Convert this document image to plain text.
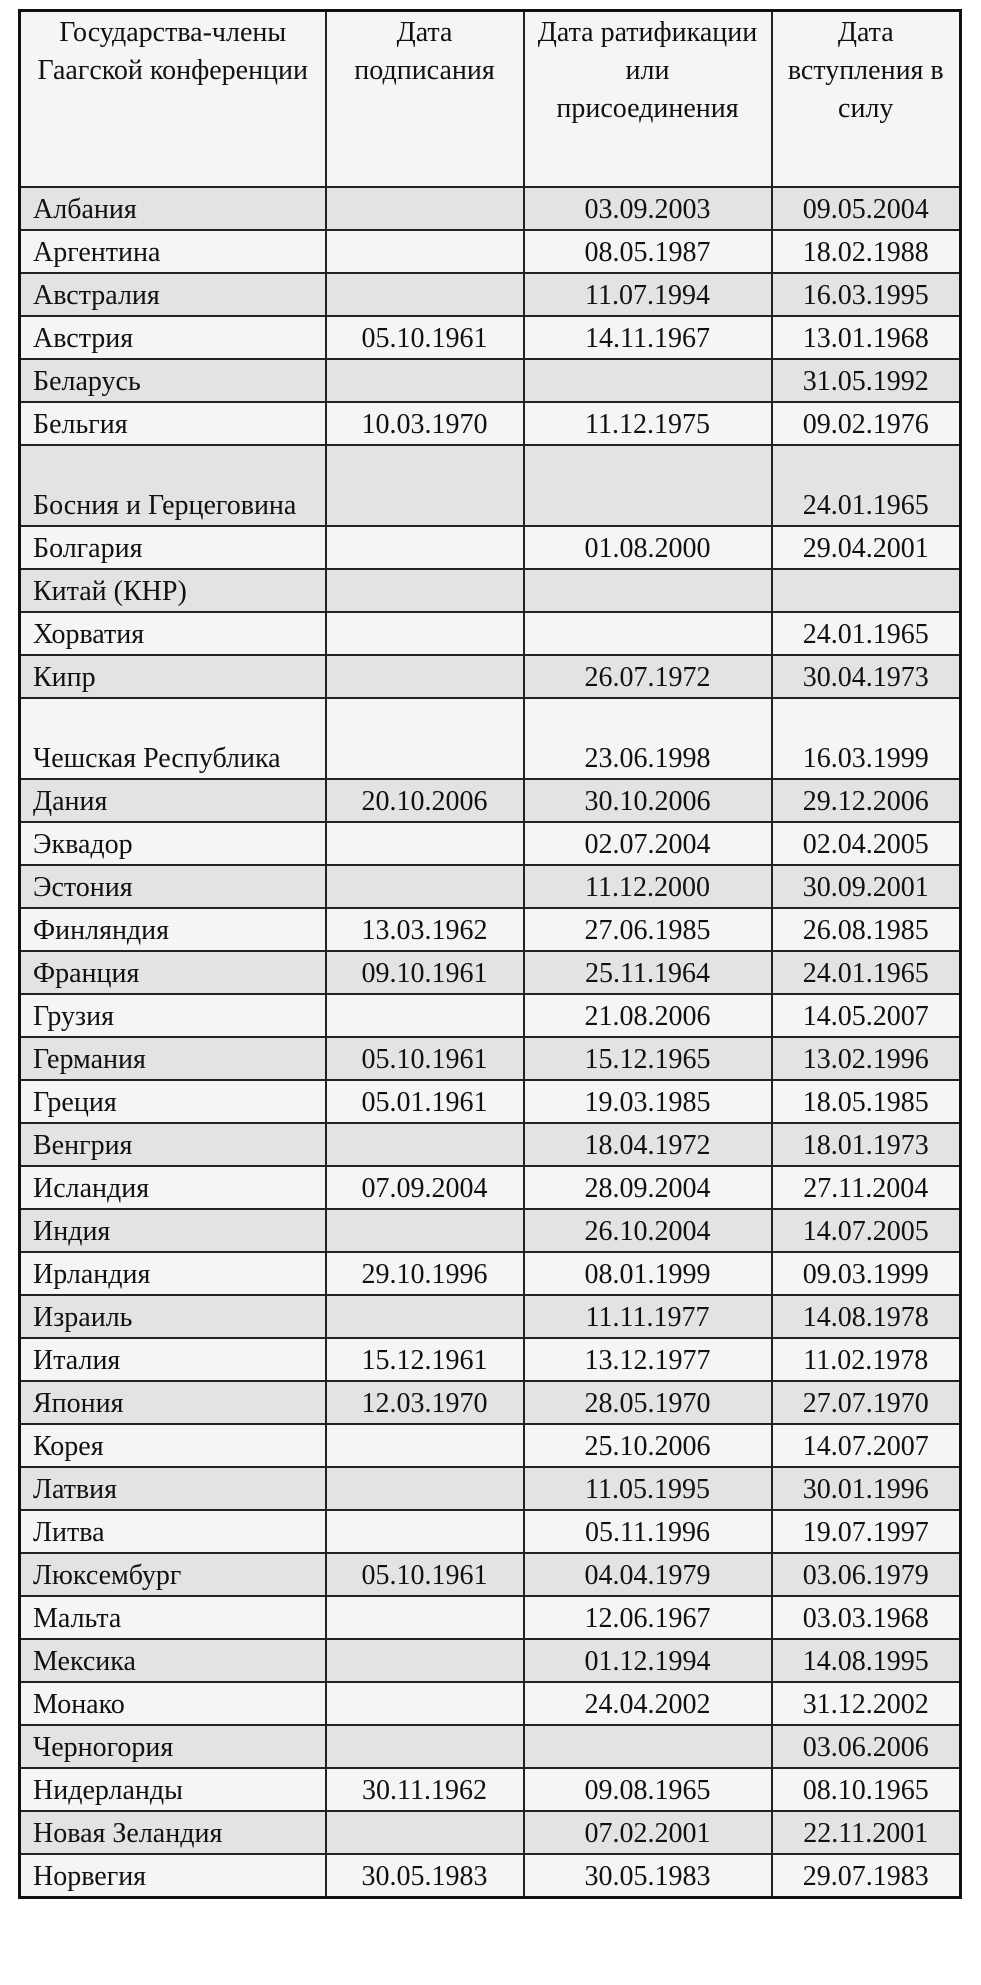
Государства-члены Гаагской конференции	Дата подписания	Дата ратификации или присоединения	Дата вступления в силу
Албания		03.09.2003	09.05.2004
Аргентина		08.05.1987	18.02.1988
Австралия		11.07.1994	16.03.1995
Австрия	05.10.1961	14.11.1967	13.01.1968
Беларусь			31.05.1992
Бельгия	10.03.1970	11.12.1975	09.02.1976
Босния и Герцеговина			24.01.1965
Болгария		01.08.2000	29.04.2001
Китай (КНР)			
Хорватия			24.01.1965
Кипр		26.07.1972	30.04.1973
Чешская Республика		23.06.1998	16.03.1999
Дания	20.10.2006	30.10.2006	29.12.2006
Эквадор		02.07.2004	02.04.2005
Эстония		11.12.2000	30.09.2001
Финляндия	13.03.1962	27.06.1985	26.08.1985
Франция	09.10.1961	25.11.1964	24.01.1965
Грузия		21.08.2006	14.05.2007
Германия	05.10.1961	15.12.1965	13.02.1996
Греция	05.01.1961	19.03.1985	18.05.1985
Венгрия		18.04.1972	18.01.1973
Исландия	07.09.2004	28.09.2004	27.11.2004
Индия		26.10.2004	14.07.2005
Ирландия	29.10.1996	08.01.1999	09.03.1999
Израиль		11.11.1977	14.08.1978
Италия	15.12.1961	13.12.1977	11.02.1978
Япония	12.03.1970	28.05.1970	27.07.1970
Корея		25.10.2006	14.07.2007
Латвия		11.05.1995	30.01.1996
Литва		05.11.1996	19.07.1997
Люксембург	05.10.1961	04.04.1979	03.06.1979
Мальта		12.06.1967	03.03.1968
Мексика		01.12.1994	14.08.1995
Монако		24.04.2002	31.12.2002
Черногория			03.06.2006
Нидерланды	30.11.1962	09.08.1965	08.10.1965
Новая Зеландия		07.02.2001	22.11.2001
Норвегия	30.05.1983	30.05.1983	29.07.1983
